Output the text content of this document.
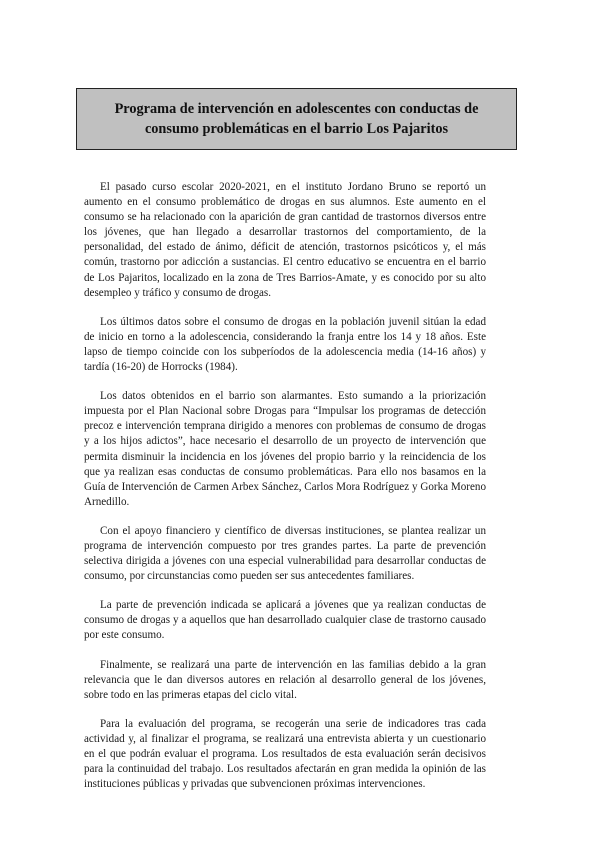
Programa de intervención en adolescentes con conductas de consumo problemáticas en el barrio Los Pajaritos

El pasado curso escolar 2020-2021, en el instituto Jordano Bruno se reportó un aumento en el consumo problemático de drogas en sus alumnos. Este aumento en el consumo se ha relacionado con la aparición de gran cantidad de trastornos diversos entre los jóvenes, que han llegado a desarrollar trastornos del comportamiento, de la personalidad, del estado de ánimo, déficit de atención, trastornos psicóticos y, el más común, trastorno por adicción a sustancias. El centro educativo se encuentra en el barrio de Los Pajaritos, localizado en la zona de Tres Barrios-Amate, y es conocido por su alto desempleo y tráfico y consumo de drogas.

Los últimos datos sobre el consumo de drogas en la población juvenil sitúan la edad de inicio en torno a la adolescencia, considerando la franja entre los 14 y 18 años. Este lapso de tiempo coincide con los subperíodos de la adolescencia media (14-16 años) y tardía (16-20) de Horrocks (1984).

Los datos obtenidos en el barrio son alarmantes. Esto sumando a la priorización impuesta por el Plan Nacional sobre Drogas para “Impulsar los programas de detección precoz e intervención temprana dirigido a menores con problemas de consumo de drogas y a los hijos adictos”, hace necesario el desarrollo de un proyecto de intervención que permita disminuir la incidencia en los jóvenes del propio barrio y la reincidencia de los que ya realizan esas conductas de consumo problemáticas. Para ello nos basamos en la Guía de Intervención de Carmen Arbex Sánchez, Carlos Mora Rodríguez y Gorka Moreno Arnedillo.

Con el apoyo financiero y científico de diversas instituciones, se plantea realizar un programa de intervención compuesto por tres grandes partes. La parte de prevención selectiva dirigida a jóvenes con una especial vulnerabilidad para desarrollar conductas de consumo, por circunstancias como pueden ser sus antecedentes familiares.

La parte de prevención indicada se aplicará a jóvenes que ya realizan conductas de consumo de drogas y a aquellos que han desarrollado cualquier clase de trastorno causado por este consumo.

Finalmente, se realizará una parte de intervención en las familias debido a la gran relevancia que le dan diversos autores en relación al desarrollo general de los jóvenes, sobre todo en las primeras etapas del ciclo vital.

Para la evaluación del programa, se recogerán una serie de indicadores tras cada actividad y, al finalizar el programa, se realizará una entrevista abierta y un cuestionario en el que podrán evaluar el programa. Los resultados de esta evaluación serán decisivos para la continuidad del trabajo. Los resultados afectarán en gran medida la opinión de las instituciones públicas y privadas que subvencionen próximas intervenciones.
